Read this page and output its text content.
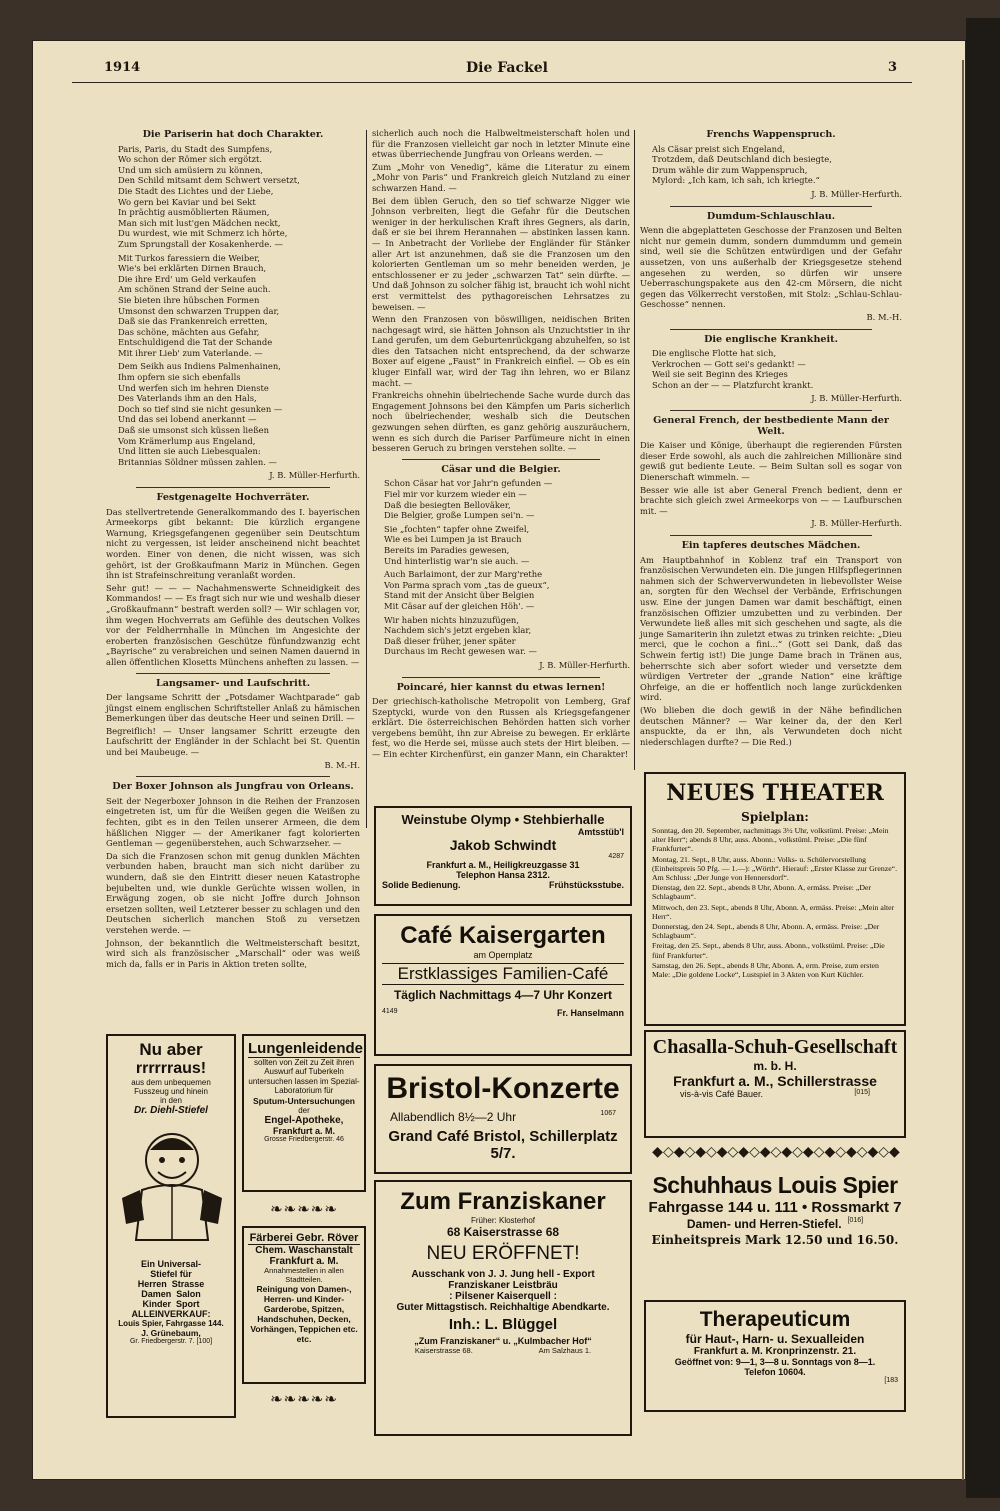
1914	Die Fackel	3
Die Pariserin hat doch Charakter.
Paris, Paris, du Stadt des Sumpfens,
Wo schon der Römer sich ergötzt.
Und um sich amüsiern zu können,
Den Schild mitsamt dem Schwert versetzt,
Die Stadt des Lichtes und der Liebe,
Wo gern bei Kaviar und bei Sekt
In prächtig ausmöblierten Räumen,
Man sich mit lust'gen Mädchen neckt,
Du wurdest, wie mit Schmerz ich hörte,
Zum Sprungstall der Kosakenherde. —
Mit Turkos faressiern die Weiber,
Wie's bei erklärten Dirnen Brauch,
Die ihre Erd' um Geld verkaufen
Am schönen Strand der Seine auch.
Sie bieten ihre hübschen Formen
Umsonst den schwarzen Truppen dar,
Daß sie das Frankenreich erretten,
Das schöne, mächten aus Gefahr,
Entschuldigend die Tat der Schande
Mit ihrer Lieb' zum Vaterlande. —
Dem Seikh aus Indiens Palmenhainen,
Ihm opfern sie sich ebenfalls
Und werfen sich im hehren Dienste
Des Vaterlands ihm an den Hals,
Doch so tief sind sie nicht gesunken —
Und das sei lobend anerkannt —
Daß sie umsonst sich küssen ließen
Vom Krämerlump aus Engeland,
Und litten sie auch Liebesqualen:
Britannias Söldner müssen zahlen. —
J. B. Müller-Herfurth.
Festgenagelte Hochverräter.

Das stellvertretende Generalkommando des I. bayerischen Armeekorps gibt bekannt: Die kürzlich ergangene Warnung, Kriegsgefangenen gegenüber sein Deutschtum nicht zu vergessen, ist leider anscheinend nicht beachtet worden. Einer von denen, die nicht wissen, was sich gehört, ist der Großkaufmann Mariz in München. Gegen ihn ist Strafeinschreitung veranlaßt worden.

Sehr gut! — — — Nachahmenswerte Schneidigkeit des Kommandos! — — Es fragt sich nur wie und weshalb dieser „Großkaufmann“ bestraft werden soll? — Wir schlagen vor, ihm wegen Hochverrats am Gefühle des deutschen Volkes vor der Feldherrnhalle in München im Angesichte der eroberten französischen Geschütze fünfundzwanzig echt „Bayrische“ zu verabreichen und seinen Namen dauernd in allen öffentlichen Klosetts Münchens anheften zu lassen. —

Langsamer- und Laufschritt.

Der langsame Schritt der „Potsdamer Wachtparade“ gab jüngst einem englischen Schriftsteller Anlaß zu hämischen Bemerkungen über das deutsche Heer und seinen Drill. —

Begreiflich! — Unser langsamer Schritt erzeugte den Laufschritt der Engländer in der Schlacht bei St. Quentin und bei Maubeuge. —

B. M.-H.
Der Boxer Johnson als Jungfrau von Orleans.

Seit der Negerboxer Johnson in die Reihen der Franzosen eingetreten ist, um für die Weißen gegen die Weißen zu fechten, gibt es in den Teilen unserer Armeen, die dem häßlichen Nigger — der Amerikaner fagt kolorierten Gentleman — gegenüberstehen, auch Schwarzseher. —

Da sich die Franzosen schon mit genug dunklen Mächten verbunden haben, braucht man sich nicht darüber zu wundern, daß sie den Eintritt dieser neuen Katastrophe bejubelten und, wie dunkle Gerüchte wissen wollen, in Erwägung zogen, ob sie nicht Joffre durch Johnson ersetzen sollten, weil Letzterer besser zu schlagen und den Deutschen sicherlich manchen Stoß zu versetzen verstehen werde. —

Johnson, der bekanntlich die Weltmeisterschaft besitzt, wird sich als französischer „Marschall“ oder was weiß mich da, falls er in Paris in Aktion treten sollte,

sicherlich auch noch die Halbweltmeisterschaft holen und für die Franzosen vielleicht gar noch in letzter Minute eine etwas überriechende Jungfrau von Orleans werden. —

Zum „Mohr von Venedig“, käme die Literatur zu einem „Mohr von Paris“ und Frankreich gleich Nutzland zu einer schwarzen Hand. —

Bei dem üblen Geruch, den so tief schwarze Nigger wie Johnson verbreiten, liegt die Gefahr für die Deutschen weniger in der herkulischen Kraft ihres Gegners, als darin, daß er sie bei ihrem Herannahen — abstinken lassen kann. — In Anbetracht der Vorliebe der Engländer für Stänker aller Art ist anzunehmen, daß sie die Franzosen um den kolorierten Gentleman um so mehr beneiden werden, je entschlossener er zu jeder „schwarzen Tat“ sein dürfte. — Und daß Johnson zu solcher fähig ist, braucht ich wohl nicht erst vermittelst des pythagoreischen Lehrsatzes zu beweisen. —

Wenn den Franzosen von böswilligen, neidischen Briten nachgesagt wird, sie hätten Johnson als Unzuchtstier in ihr Land gerufen, um dem Geburtenrückgang abzuhelfen, so ist dies den Tatsachen nicht entsprechend, da der schwarze Boxer auf eigene „Faust“ in Frankreich einfiel. — Ob es ein kluger Einfall war, wird der Tag ihn lehren, wo er Bilanz macht. —

Frankreichs ohnehin übelriechende Sache wurde durch das Engagement Johnsons bei den Kämpfen um Paris sicherlich noch übelriechender, weshalb sich die Deutschen gezwungen sehen dürften, es ganz gehörig auszuräuchern, wenn es sich durch die Pariser Parfümeure nicht in einen besseren Geruch zu bringen verstehen sollte. —

Cäsar und die Belgier.
Schon Cäsar hat vor Jahr'n gefunden —
Fiel mir vor kurzem wieder ein —
Daß die besiegten Belloväker,
Die Belgier, große Lumpen sei'n. —
Sie „fochten“ tapfer ohne Zweifel,
Wie es bei Lumpen ja ist Brauch
Bereits im Paradies gewesen,
Und hinterlistig war'n sie auch. —
Auch Barlaimont, der zur Marg'rethe
Von Parma sprach vom „tas de gueux“,
Stand mit der Ansicht über Belgien
Mit Cäsar auf der gleichen Höh'. —
Wir haben nichts hinzuzufügen,
Nachdem sich's jetzt ergeben klar,
Daß dieser früher, jener später
Durchaus im Recht gewesen war. —
J. B. Müller-Herfurth.
Poincaré, hier kannst du etwas lernen!

Der griechisch-katholische Metropolit von Lemberg, Graf Szeptycki, wurde von den Russen als Kriegsgefangener erklärt. Die österreichischen Behörden hatten sich vorher vergebens bemüht, ihn zur Abreise zu bewegen. Er erklärte fest, wo die Herde sei, müsse auch stets der Hirt bleiben. — — Ein echter Kirchenfürst, ein ganzer Mann, ein Charakter!

Frenchs Wappenspruch.
Als Cäsar preist sich Engeland,
Trotzdem, daß Deutschland dich besiegte,
Drum wähle dir zum Wappenspruch,
Mylord: „Ich kam, ich sah, ich kriegte.“
J. B. Müller-Herfurth.
Dumdum-Schlauschlau.

Wenn die abgeplatteten Geschosse der Franzosen und Belten nicht nur gemein dumm, sondern dummdumm und gemein sind, weil sie die Schützen entwürdigen und der Gefahr aussetzen, von uns außerhalb der Kriegsgesetze stehend angesehen zu werden, so dürfen wir unsere Ueberraschungspakete aus den 42-cm Mörsern, die nicht gegen das Völkerrecht verstoßen, mit Stolz: „Schlau-Schlau-Geschosse“ nennen.

B. M.-H.
Die englische Krankheit.
Die englische Flotte hat sich,
Verkrochen — Gott sei's gedankt! —
Weil sie seit Beginn des Krieges
Schon an der — — Platzfurcht krankt.
J. B. Müller-Herfurth.
General French, der bestbediente Mann der Welt.

Die Kaiser und Könige, überhaupt die regierenden Fürsten dieser Erde sowohl, als auch die zahlreichen Millionäre sind gewiß gut bediente Leute. — Beim Sultan soll es sogar von Dienerschaft wimmeln. —

Besser wie alle ist aber General French bedient, denn er brachte sich gleich zwei Armeekorps von — — Laufburschen mit. —

J. B. Müller-Herfurth.
Ein tapferes deutsches Mädchen.

Am Hauptbahnhof in Koblenz traf ein Transport von französischen Verwundeten ein. Die jungen Hilfspflegerinnen nahmen sich der Schwerverwundeten in liebevollster Weise an, sorgten für den Wechsel der Verbände, Erfrischungen usw. Eine der jungen Damen war damit beschäftigt, einen französischen Offizier umzubetten und zu verbinden. Der Verwundete ließ alles mit sich geschehen und sagte, als die junge Samariterin ihn zuletzt etwas zu trinken reichte: „Dieu merci, que le cochon a fini...“ (Gott sei Dank, daß das Schwein fertig ist!) Die junge Dame brach in Tränen aus, beherrschte sich aber sofort wieder und versetzte dem würdigen Vertreter der „grande Nation“ eine kräftige Ohrfeige, an die er hoffentlich noch lange zurückdenken wird.

(Wo blieben die doch gewiß in der Nähe befindlichen deutschen Männer? — War keiner da, der den Kerl anspuckte, da er ihn, als Verwundeten doch nicht niederschlagen durfte? — Die Red.)

NEUES THEATER
Spielplan:
Sonntag, den 20. September, nachmittags 3½ Uhr, volkstüml. Preise: „Mein alter Herr“; abends 8 Uhr, auss. Abonn., volkstüml. Preise: „Die fünf Frankfurter“.
Montag, 21. Sept., 8 Uhr, auss. Abonn.: Volks- u. Schülervorstellung (Einheitspreis 50 Pfg. — 1.—): „Wörth“. Hierauf: „Erster Klasse zur Grenze“. Am Schluss: „Der Junge von Hennersdorf“.
Dienstag, den 22. Sept., abends 8 Uhr, Abonn. A, ermäss. Preise: „Der Schlagbaum“.
Mittwoch, den 23. Sept., abends 8 Uhr, Abonn. A, ermäss. Preise: „Mein alter Herr“.
Donnerstag, den 24. Sept., abends 8 Uhr, Abonn. A, ermäss. Preise: „Der Schlagbaum“.
Freitag, den 25. Sept., abends 8 Uhr, auss. Abonn., volkstüml. Preise: „Die fünf Frankfurter“.
Samstag, den 26. Sept., abends 8 Uhr, Abonn. A, erm. Preise, zum ersten Male: „Die goldene Locke“, Lustspiel in 3 Akten von Kurt Küchler.
Weinstube Olymp • Stehbierhalle
Amtsstüb'l
Jakob Schwindt
4287
Frankfurt a. M., Heiligkreuzgasse 31
Telephon Hansa 2312.
Solide Bedienung.	Frühstücksstube.
Café Kaisergarten
am Opernplatz
Erstklassiges Familien-Café
Täglich Nachmittags 4—7 Uhr Konzert
4149	Fr. Hanselmann
Bristol-Konzerte
Allabendlich 8½—2 Uhr	1067
Grand Café Bristol, Schillerplatz 5/7.
Chasalla-Schuh-Gesellschaft
m. b. H.
Frankfurt a. M., Schillerstrasse
vis-à-vis Café Bauer.	[015]
◆◇◆◇◆◇◆◇◆◇◆◇◆◇◆◇◆◇◆◇◆◇◆
Schuhhaus Louis Spier Fahrgasse 144 u. 111 • Rossmarkt 7
Damen- und Herren-Stiefel. [016]
Einheitspreis Mark 12.50 und 16.50.
Zum Franziskaner
Früher: Klosterhof
68 Kaiserstrasse 68
NEU ERÖFFNET!
Ausschank von J. J. Jung hell - Export
Franziskaner Leistbräu
: Pilsener Kaiserquell :
Guter Mittagstisch. Reichhaltige Abendkarte.
Inh.: L. Blüggel
„Zum Franziskaner“ u. „Kulmbacher Hof“
Kaiserstrasse 68.	Am Salzhaus 1.
Therapeuticum
für Haut-, Harn- u. Sexualleiden
Frankfurt a. M. Kronprinzenstr. 21.
Geöffnet von: 9—1, 3—8 u. Sonntags von 8—1.
Telefon 10604.
[183
Nu aber
rrrrrraus!
aus dem unbequemen
Fusszeug und hinein
in den
Dr. Diehl-Stiefel
Ein Universal-
Stiefel für
Herren  Strasse
Damen  Salon
Kinder  Sport
ALLEINVERKAUF:
Louis Spier, Fahrgasse 144.
J. Grünebaum,
Gr. Friedbergerstr. 7. [100]
Lungenleidende
sollten von Zeit zu Zeit ihren Auswurf auf Tuberkeln untersuchen lassen im Spezial-Laboratorium für
Sputum-Untersuchungen
der
Engel-Apotheke,
Frankfurt a. M.
Grosse Friedbergerstr. 46
❧❧❧❧❧
Färberei Gebr. Röver
Chem. Waschanstalt
Frankfurt a. M.
Annahmestellen in allen Stadtteilen.
Reinigung von Damen-, Herren- und Kinder-Garderobe, Spitzen, Handschuhen, Decken, Vorhängen, Teppichen etc. etc.
❧❧❧❧❧
